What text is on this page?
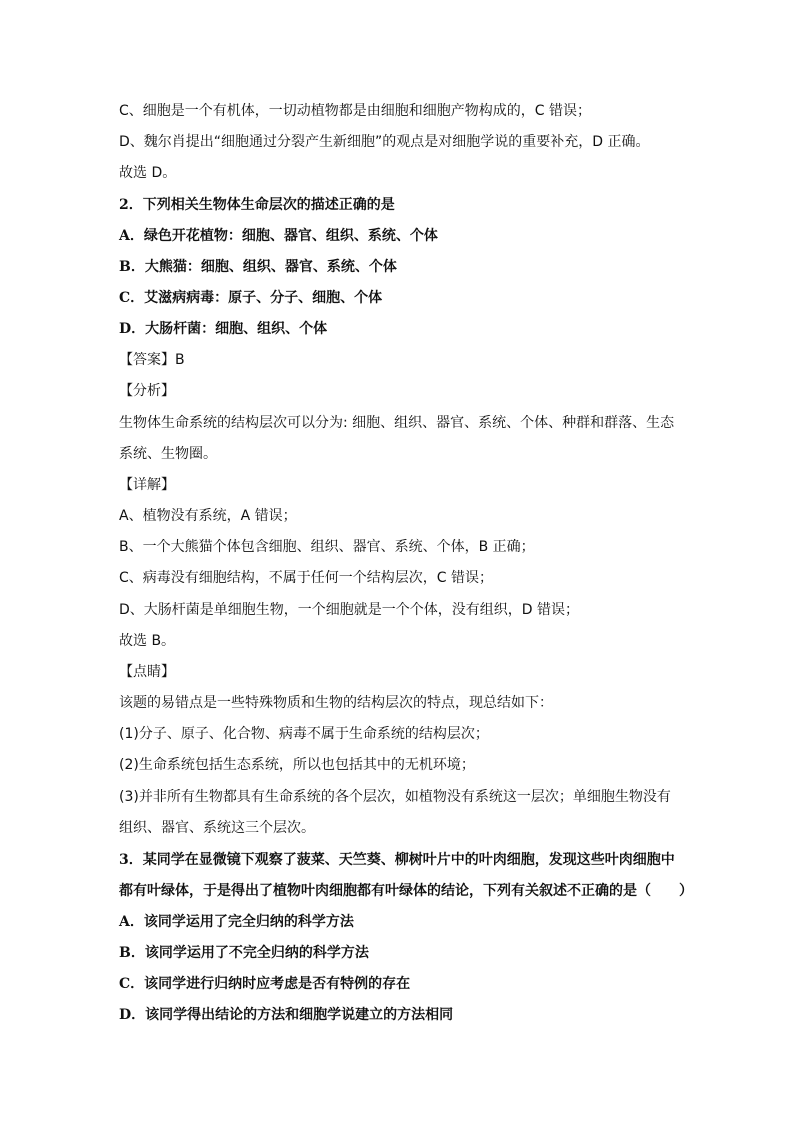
C、细胞是一个有机体，一切动植物都是由细胞和细胞产物构成的，C 错误；
D、魏尔肖提出“细胞通过分裂产生新细胞”的观点是对细胞学说的重要补充，D 正确。
故选 D。
2．下列相关生物体生命层次的描述正确的是
A．绿色开花植物：细胞、器官、组织、系统、个体
B．大熊猫：细胞、组织、器官、系统、个体
C．艾滋病病毒：原子、分子、细胞、个体
D．大肠杆菌：细胞、组织、个体
【答案】B
【分析】
生物体生命系统的结构层次可以分为: 细胞、组织、器官、系统、个体、种群和群落、生态
系统、生物圈。
【详解】
A、植物没有系统，A 错误；
B、一个大熊猫个体包含细胞、组织、器官、系统、个体，B 正确；
C、病毒没有细胞结构，不属于任何一个结构层次，C 错误；
D、大肠杆菌是单细胞生物，一个细胞就是一个个体，没有组织，D 错误；
故选 B。
【点睛】
该题的易错点是一些特殊物质和生物的结构层次的特点，现总结如下：
(1)分子、原子、化合物、病毒不属于生命系统的结构层次；
(2)生命系统包括生态系统，所以也包括其中的无机环境；
(3)并非所有生物都具有生命系统的各个层次，如植物没有系统这一层次；单细胞生物没有
组织、器官、系统这三个层次。
3．某同学在显微镜下观察了菠菜、天竺葵、柳树叶片中的叶肉细胞，发现这些叶肉细胞中
都有叶绿体，于是得出了植物叶肉细胞都有叶绿体的结论，下列有关叙述不正确的是（　　）
A．该同学运用了完全归纳的科学方法
B．该同学运用了不完全归纳的科学方法
C．该同学进行归纳时应考虑是否有特例的存在
D．该同学得出结论的方法和细胞学说建立的方法相同
